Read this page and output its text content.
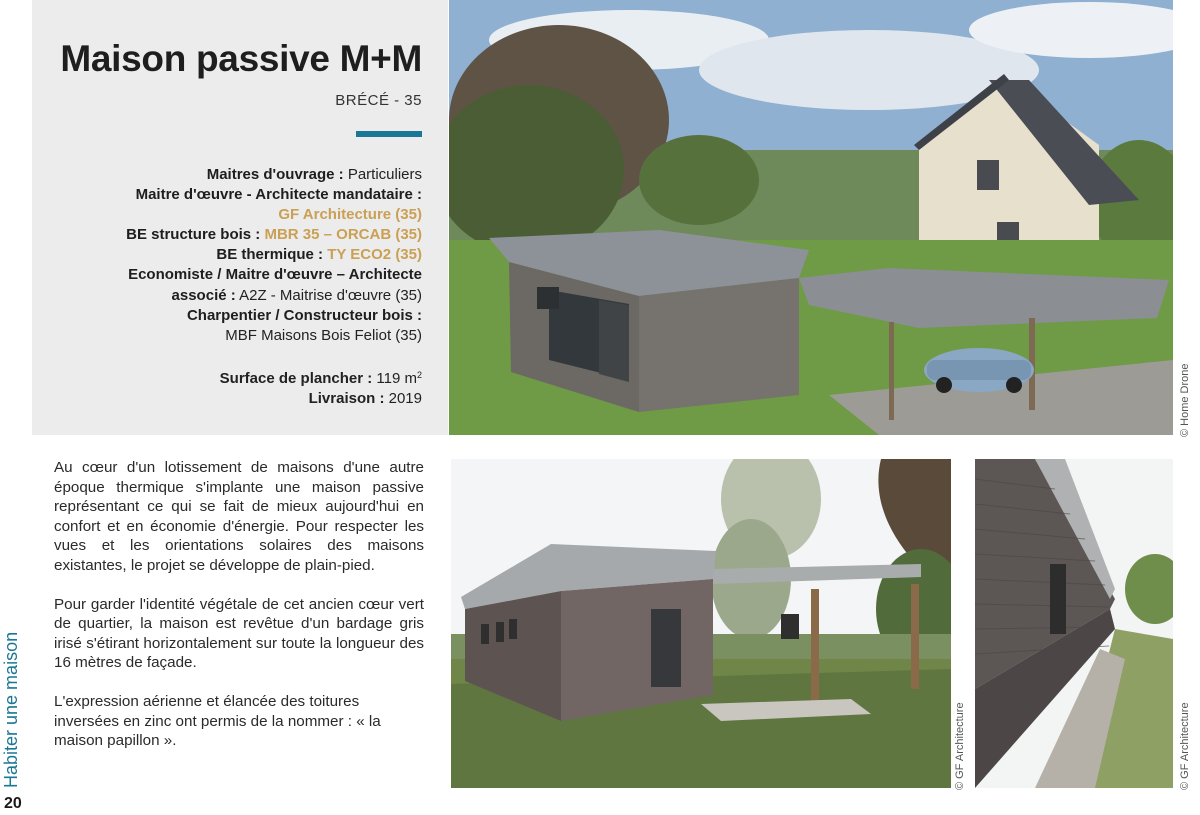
Maison passive M+M
BRÉCÉ - 35
Maitres d'ouvrage : Particuliers
Maitre d'œuvre - Architecte mandataire :
GF Architecture (35)
BE structure bois : MBR 35 – ORCAB (35)
BE thermique : TY ECO2 (35)
Economiste / Maitre d'œuvre – Architecte
associé : A2Z - Maitrise d'œuvre (35)
Charpentier / Constructeur bois :
MBF Maisons Bois Feliot (35)
Surface de plancher : 119 $m^2$
Livraison : 2019	© Home Drone

Au cœur d'un lotissement de maisons d'une autre époque thermique s'implante une maison passive représentant ce qui se fait de mieux aujourd'hui en confort et en économie d'énergie. Pour respecter les vues et les orientations solaires des maisons existantes, le projet se développe de plain-pied.

Pour garder l'identité végétale de cet ancien cœur vert de quartier, la maison est revêtue d'un bardage gris irisé s'étirant horizontalement sur toute la longueur des 16 mètres de façade.

L'expression aérienne et élancée des toitures inversées en zinc ont permis de la nommer : « la maison papillon ».	© GF Architecture	© GF Architecture
Habiter une maison
20
